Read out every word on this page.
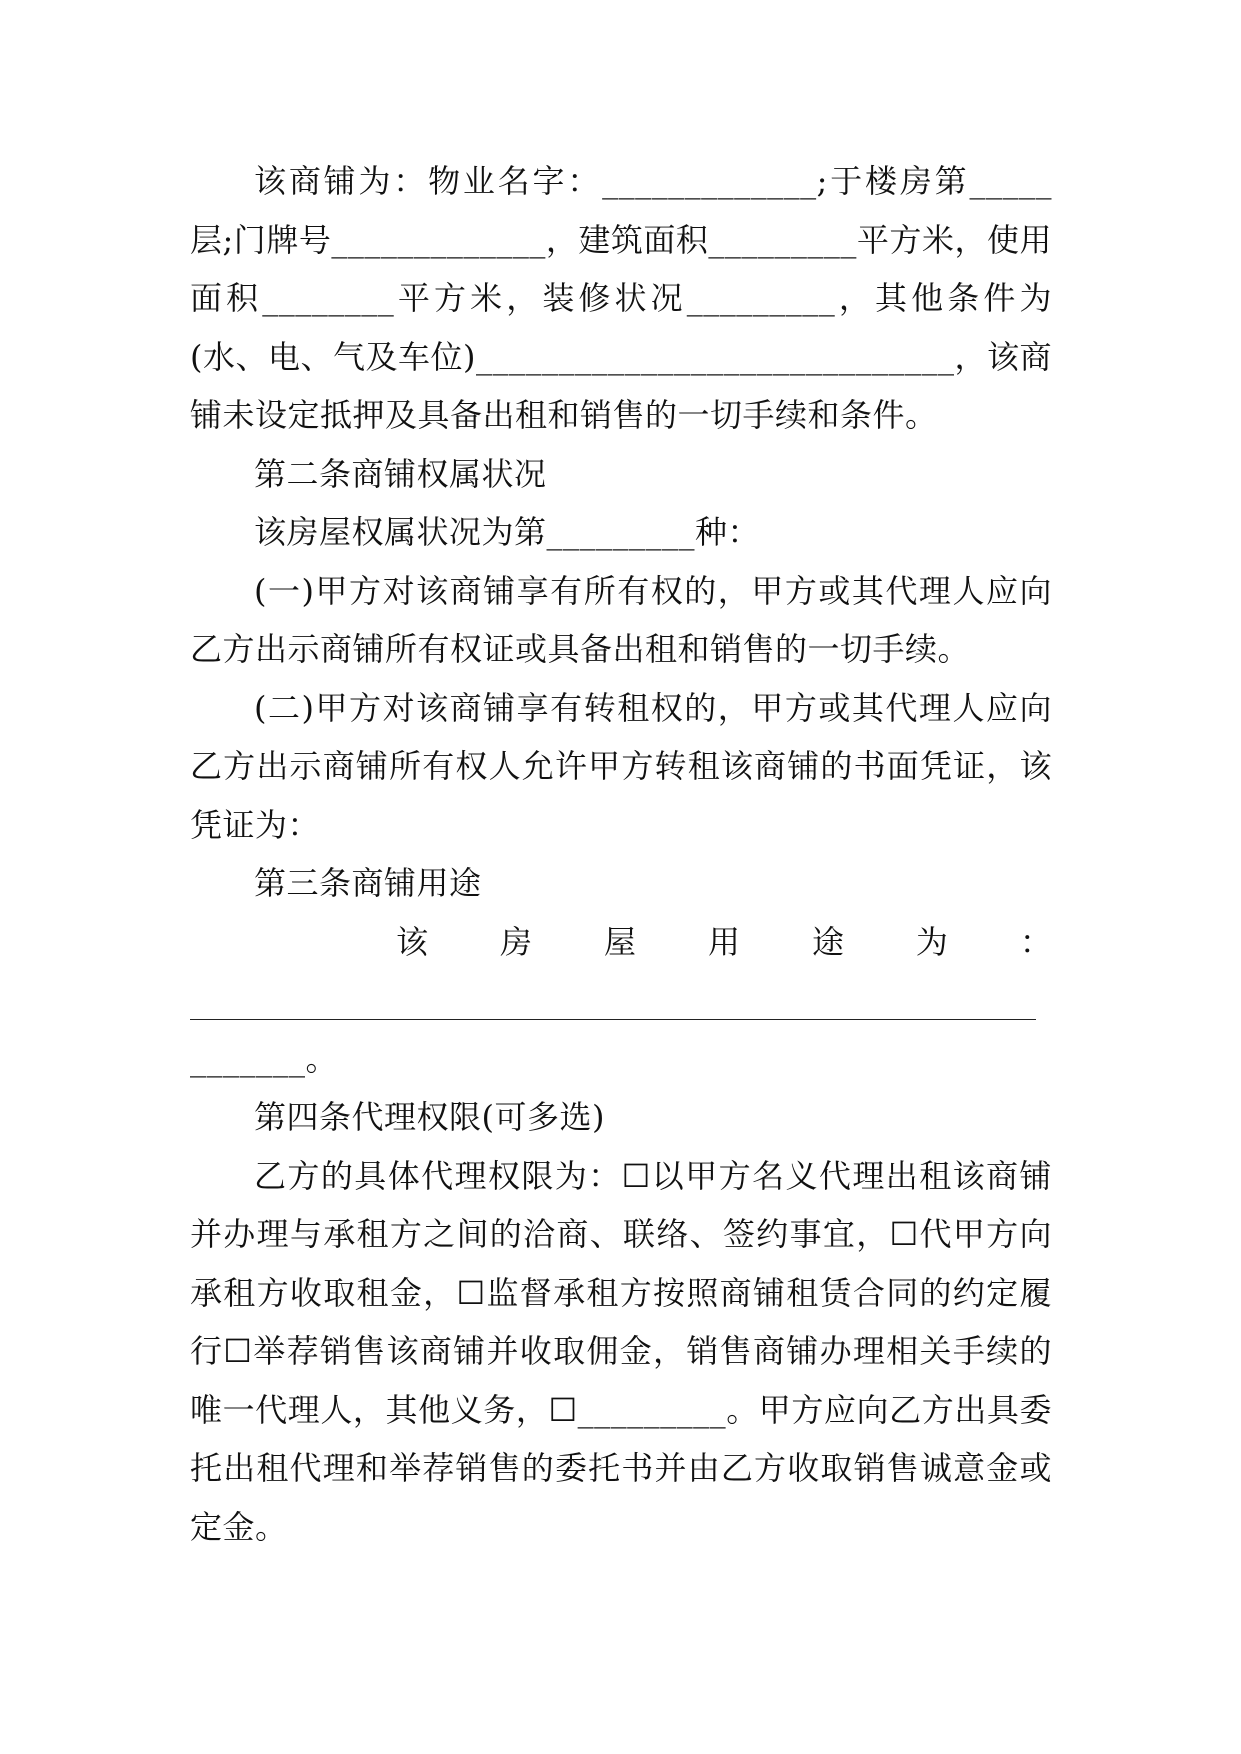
该商铺为：物业名字：_____________;于楼房第_____层;门牌号_____________，建筑面积_________平方米，使用面积________平方米，装修状况_________，其他条件为(水、电、气及车位)_____________________________，该商铺未设定抵押及具备出租和销售的一切手续和条件。

第二条商铺权属状况

该房屋权属状况为第_________种：

(一)甲方对该商铺享有所有权的，甲方或其代理人应向乙方出示商铺所有权证或具备出租和销售的一切手续。

(二)甲方对该商铺享有转租权的，甲方或其代理人应向乙方出示商铺所有权人允许甲方转租该商铺的书面凭证，该凭证为：

第三条商铺用途

该 房 屋 用 途 为 ：
_______。

第四条代理权限(可多选)

乙方的具体代理权限为：☐以甲方名义代理出租该商铺并办理与承租方之间的洽商、联络、签约事宜，☐代甲方向承租方收取租金，☐监督承租方按照商铺租赁合同的约定履行☐举荐销售该商铺并收取佣金，销售商铺办理相关手续的唯一代理人，其他义务，☐_________。甲方应向乙方出具委托出租代理和举荐销售的委托书并由乙方收取销售诚意金或定金。
